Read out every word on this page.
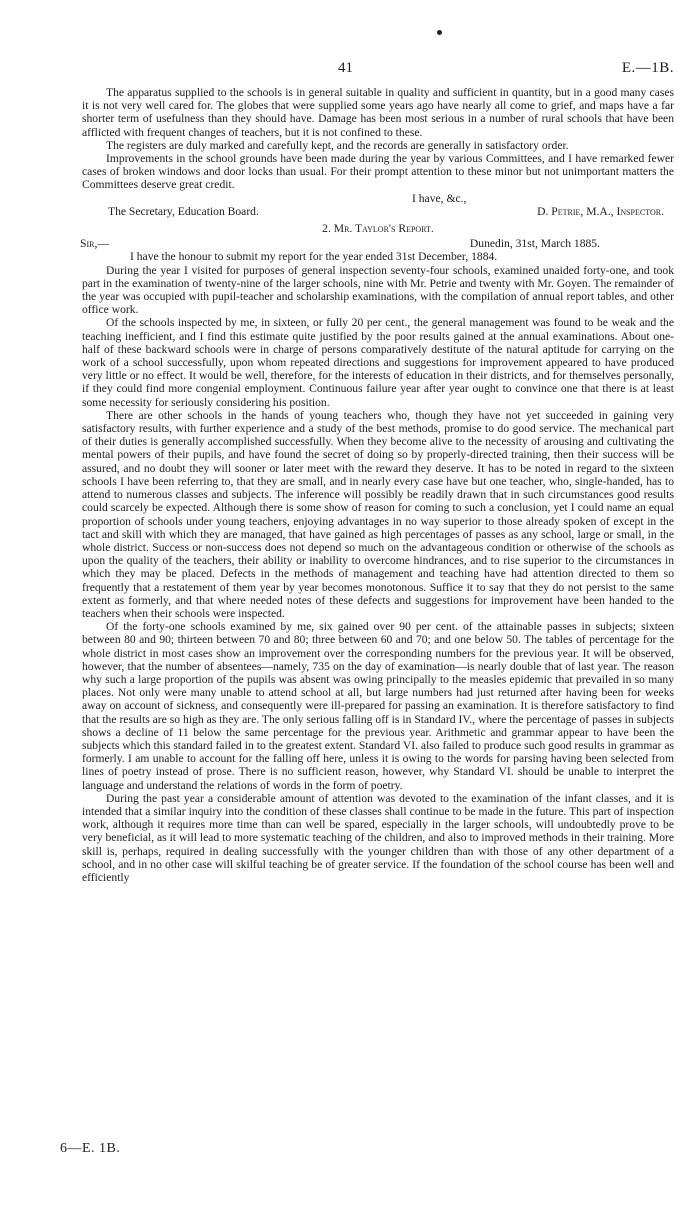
41	E.—1B.

The apparatus supplied to the schools is in general suitable in quality and sufficient in quantity, but in a good many cases it is not very well cared for. The globes that were supplied some years ago have nearly all come to grief, and maps have a far shorter term of usefulness than they should have. Damage has been most serious in a number of rural schools that have been afflicted with frequent changes of teachers, but it is not confined to these.

The registers are duly marked and carefully kept, and the records are generally in satisfactory order.

Improvements in the school grounds have been made during the year by various Committees, and I have remarked fewer cases of broken windows and door locks than usual. For their prompt attention to these minor but not unimportant matters the Committees deserve great credit.

I have, &c.,
The Secretary, Education Board.	D. Petrie, M.A., Inspector.
2. Mr. Taylor's Report.
Sir,—	Dunedin, 31st, March 1885.

I have the honour to submit my report for the year ended 31st December, 1884.

During the year I visited for purposes of general inspection seventy-four schools, examined unaided forty-one, and took part in the examination of twenty-nine of the larger schools, nine with Mr. Petrie and twenty with Mr. Goyen. The remainder of the year was occupied with pupil-teacher and scholarship examinations, with the compilation of annual report tables, and other office work.

Of the schools inspected by me, in sixteen, or fully 20 per cent., the general management was found to be weak and the teaching inefficient, and I find this estimate quite justified by the poor results gained at the annual examinations. About one-half of these backward schools were in charge of persons comparatively destitute of the natural aptitude for carrying on the work of a school successfully, upon whom repeated directions and suggestions for improvement appeared to have produced very little or no effect. It would be well, therefore, for the interests of education in their districts, and for themselves personally, if they could find more congenial employment. Continuous failure year after year ought to convince one that there is at least some necessity for seriously considering his position.

There are other schools in the hands of young teachers who, though they have not yet succeeded in gaining very satisfactory results, with further experience and a study of the best methods, promise to do good service. The mechanical part of their duties is generally accomplished successfully. When they become alive to the necessity of arousing and cultivating the mental powers of their pupils, and have found the secret of doing so by properly-directed training, then their success will be assured, and no doubt they will sooner or later meet with the reward they deserve. It has to be noted in regard to the sixteen schools I have been referring to, that they are small, and in nearly every case have but one teacher, who, single-handed, has to attend to numerous classes and subjects. The inference will possibly be readily drawn that in such circumstances good results could scarcely be expected. Although there is some show of reason for coming to such a conclusion, yet I could name an equal proportion of schools under young teachers, enjoying advantages in no way superior to those already spoken of except in the tact and skill with which they are managed, that have gained as high percentages of passes as any school, large or small, in the whole district. Success or non-success does not depend so much on the advantageous condition or otherwise of the schools as upon the quality of the teachers, their ability or inability to overcome hindrances, and to rise superior to the circumstances in which they may be placed. Defects in the methods of management and teaching have had attention directed to them so frequently that a restatement of them year by year becomes monotonous. Suffice it to say that they do not persist to the same extent as formerly, and that where needed notes of these defects and suggestions for improvement have been handed to the teachers when their schools were inspected.

Of the forty-one schools examined by me, six gained over 90 per cent. of the attainable passes in subjects; sixteen between 80 and 90; thirteen between 70 and 80; three between 60 and 70; and one below 50. The tables of percentage for the whole district in most cases show an improvement over the corresponding numbers for the previous year. It will be observed, however, that the number of absentees—namely, 735 on the day of examination—is nearly double that of last year. The reason why such a large proportion of the pupils was absent was owing principally to the measles epidemic that prevailed in so many places. Not only were many unable to attend school at all, but large numbers had just returned after having been for weeks away on account of sickness, and consequently were ill-prepared for passing an examination. It is therefore satisfactory to find that the results are so high as they are. The only serious falling off is in Standard IV., where the percentage of passes in subjects shows a decline of 11 below the same percentage for the previous year. Arithmetic and grammar appear to have been the subjects which this standard failed in to the greatest extent. Standard VI. also failed to produce such good results in grammar as formerly. I am unable to account for the falling off here, unless it is owing to the words for parsing having been selected from lines of poetry instead of prose. There is no sufficient reason, however, why Standard VI. should be unable to interpret the language and understand the relations of words in the form of poetry.

During the past year a considerable amount of attention was devoted to the examination of the infant classes, and it is intended that a similar inquiry into the condition of these classes shall continue to be made in the future. This part of inspection work, although it requires more time than can well be spared, especially in the larger schools, will undoubtedly prove to be very beneficial, as it will lead to more systematic teaching of the children, and also to improved methods in their training. More skill is, perhaps, required in dealing successfully with the younger children than with those of any other department of a school, and in no other case will skilful teaching be of greater service. If the foundation of the school course has been well and efficiently

6—E. 1B.
